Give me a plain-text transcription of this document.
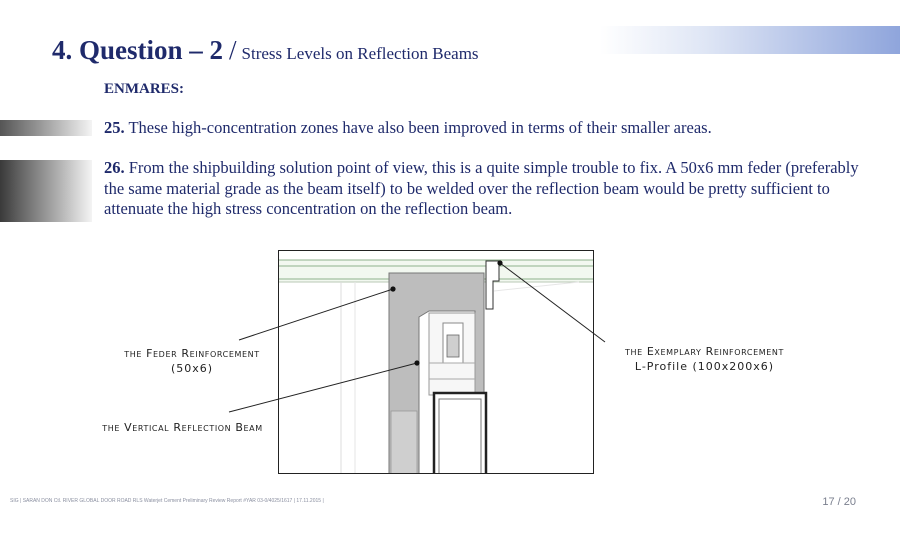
4. Question – 2 / Stress Levels on Reflection Beams
ENMARES:

25. These high-concentration zones have also been improved in terms of their smaller areas.

26. From the shipbuilding solution point of view, this is a quite simple trouble to fix. A 50x6 mm feder (preferably the same material grade as the beam itself) to be welded over the reflection beam would be pretty sufficient to attenuate the high stress concentration on the reflection beam.

the Feder Reinforcement
(50x6)
the Vertical Reflection Beam
the Exemplary Reinforcement
L-Profile (100x200x6)
SIG | SARAN DON Ctl. RIVER GLOBAL DOOR ROAD RLS Waterjet Cement Preliminary Review Report #YAR 03-0/4025/1617 | 17.11.2015 |	17 / 20
